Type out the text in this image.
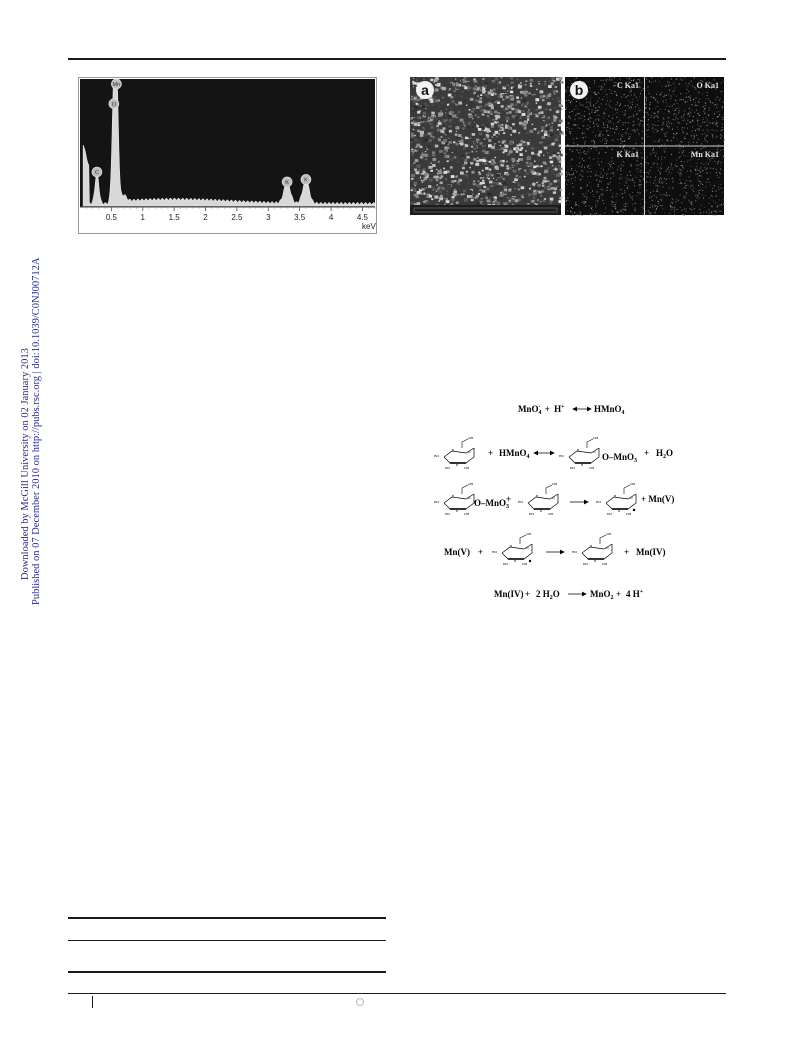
Downloaded by McGill University on 02 January 2013 Published on 07 December 2010 on http://pubs.rsc.org | doi:10.1039/C0NJ00712A
C
Mn
O
K	K
0.5	1	1.5	2	2.5	3	3.5	4	4.5
keV
a	C Ka1	O Ka1
K Ka1	Mn Ka1
b
HO
HO	OH
OH
O
H
H
MnO$_4$- + H+	HMnO$_4$
+ HMnO$_4$	O–MnO$_3$
+ $H_2O$
O–MnO$_3$
+	+ Mn(V)
Mn(V) +	+ Mn(IV)
Mn(IV) + 2 $H_2O$	MnO$_2$ + 4 H+
